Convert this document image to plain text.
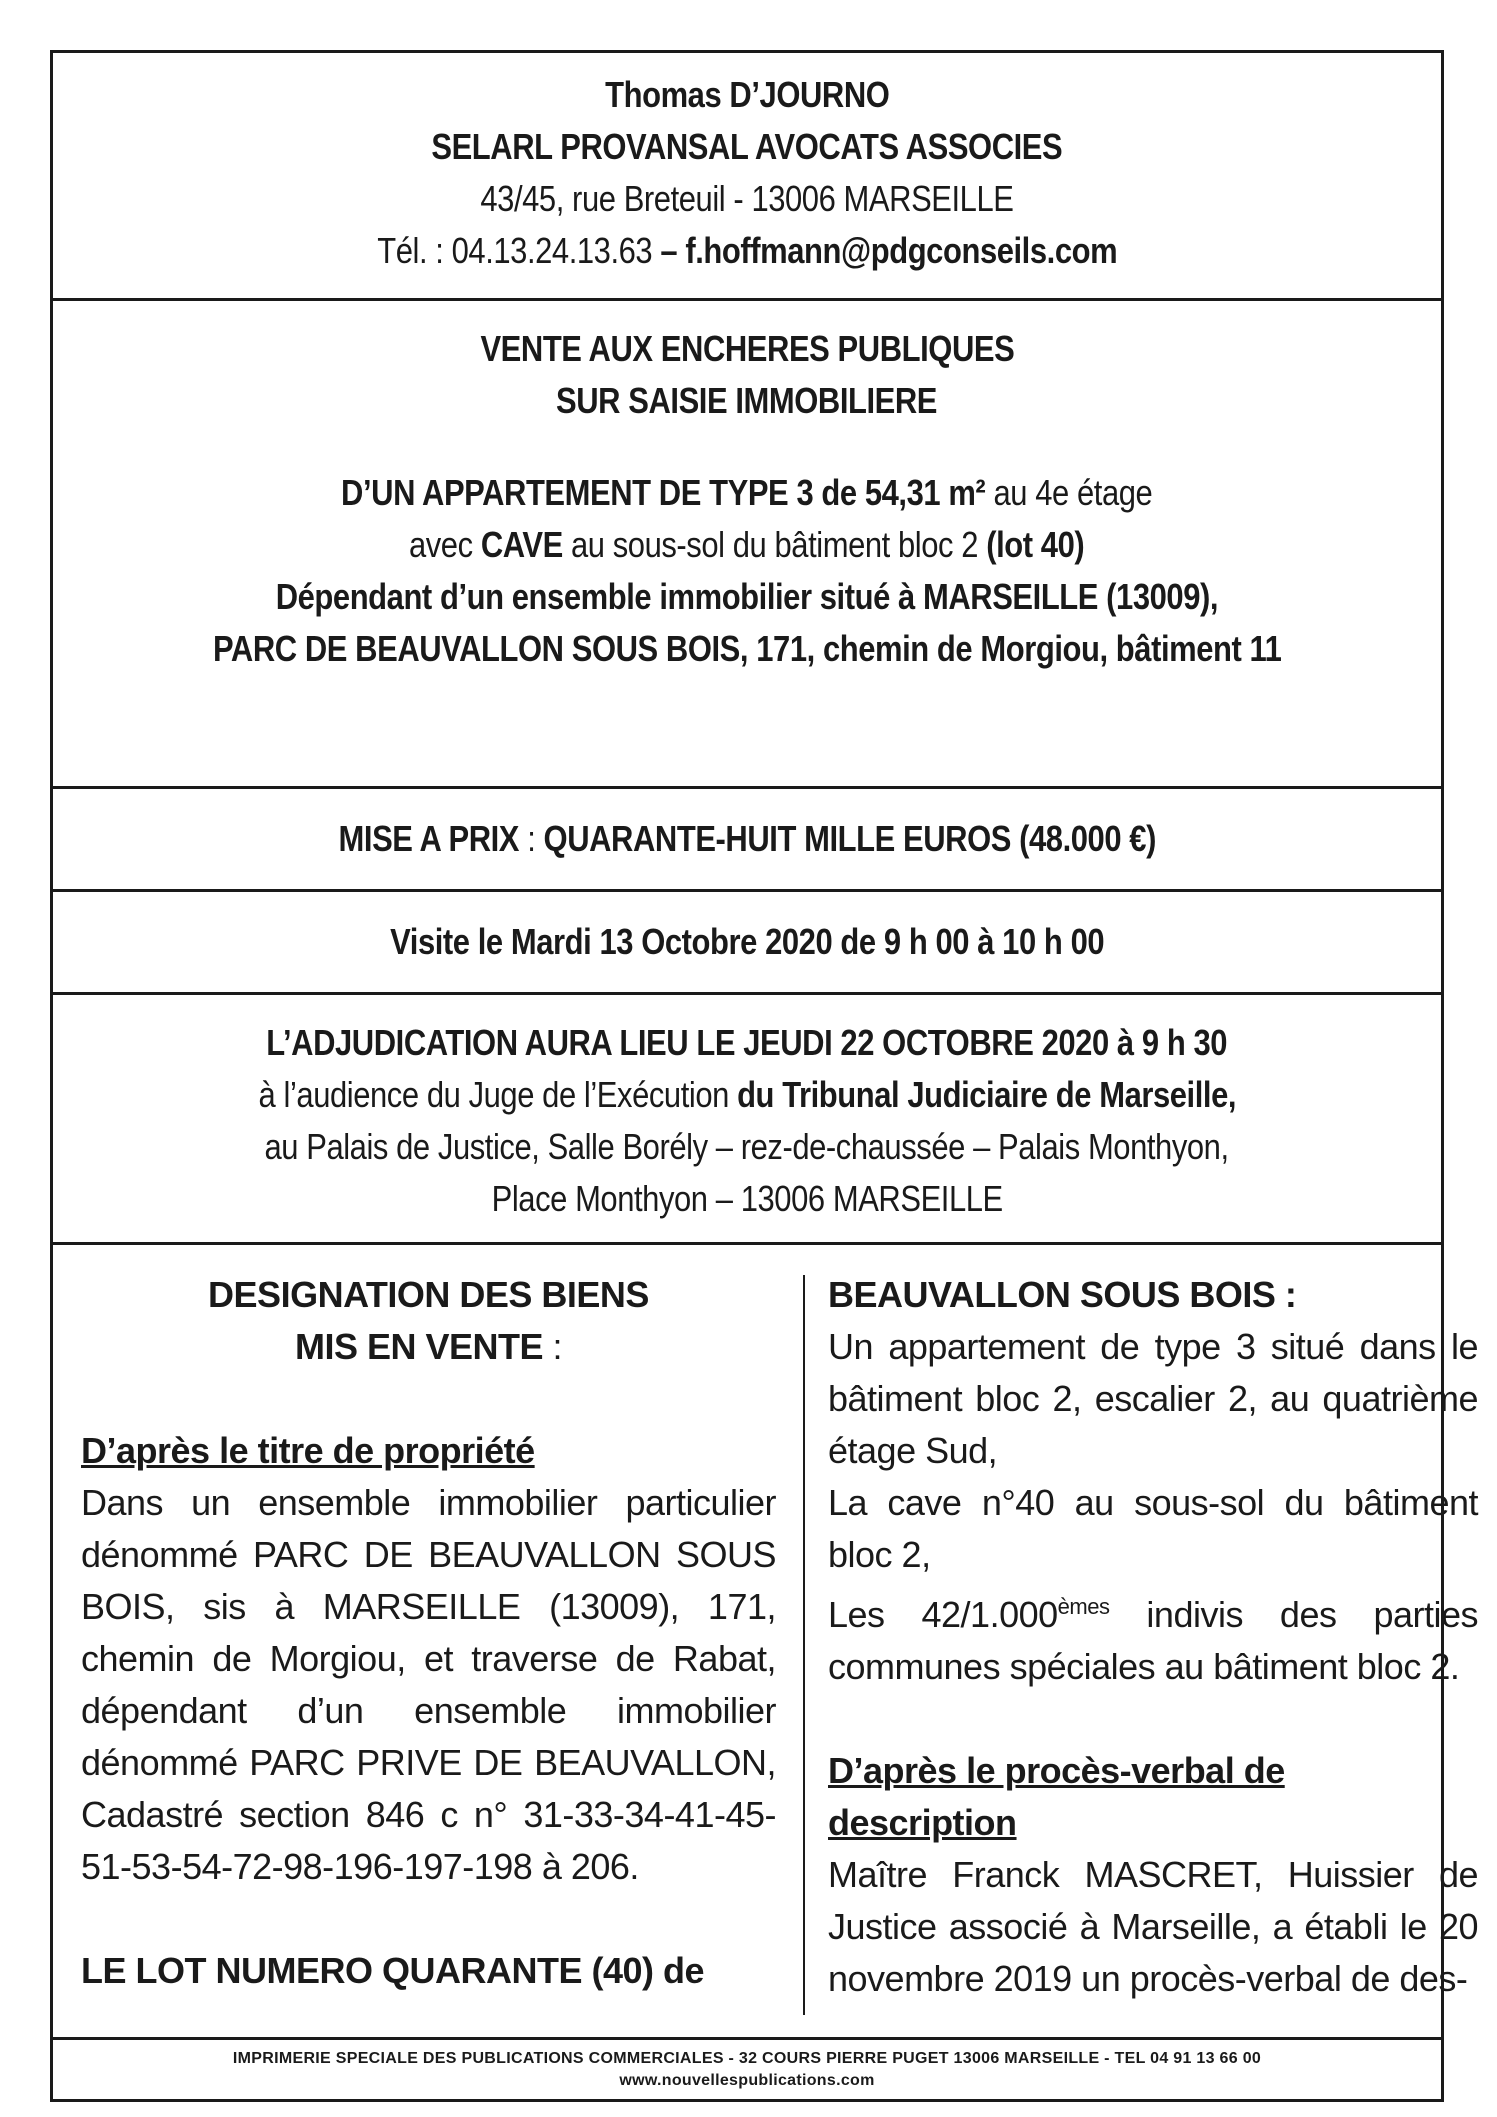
Thomas D’JOURNO
SELARL PROVANSAL AVOCATS ASSOCIES
43/45, rue Breteuil - 13006 MARSEILLE
Tél. : 04.13.24.13.63 – f.hoffmann@pdgconseils.com
VENTE AUX ENCHERES PUBLIQUES
SUR SAISIE IMMOBILIERE
D’UN APPARTEMENT DE TYPE 3 de 54,31 m² au 4e étage
avec CAVE au sous-sol du bâtiment bloc 2 (lot 40)
Dépendant d’un ensemble immobilier situé à MARSEILLE (13009),
PARC DE BEAUVALLON SOUS BOIS, 171, chemin de Morgiou, bâtiment 11
MISE A PRIX : QUARANTE-HUIT MILLE EUROS (48.000 €)
Visite le Mardi 13 Octobre 2020 de 9 h 00 à 10 h 00
L’ADJUDICATION AURA LIEU LE JEUDI 22 OCTOBRE 2020 à 9 h 30
à l’audience du Juge de l’Exécution du Tribunal Judiciaire de Marseille,
au Palais de Justice, Salle Borély – rez-de-chaussée – Palais Monthyon,
Place Monthyon – 13006 MARSEILLE

DESIGNATION DES BIENS

MIS EN VENTE :

D’après le titre de propriété

Dans un ensemble immobilier particulier dénommé PARC DE BEAUVALLON SOUS BOIS, sis à MARSEILLE (13009), 171, chemin de Morgiou, et traverse de Rabat, dépendant d’un ensemble immobilier dénommé PARC PRIVE DE BEAUVALLON, Cadastré section 846 c n° 31-33-34-41-45-51-53-54-72-98-196-197-198 à 206.

LE LOT NUMERO QUARANTE (40) de

BEAUVALLON SOUS BOIS :

Un appartement de type 3 situé dans le bâtiment bloc 2, escalier 2, au quatrième étage Sud,

La cave n°40 au sous-sol du bâtiment bloc 2,

Les 42/1.000èmes indivis des parties communes spéciales au bâtiment bloc 2.

D’après le procès-verbal de description

Maître Franck MASCRET, Huissier de Justice associé à Marseille, a établi le 20 novembre 2019 un procès-verbal de des-

IMPRIMERIE SPECIALE DES PUBLICATIONS COMMERCIALES - 32 COURS PIERRE PUGET 13006 MARSEILLE - TEL 04 91 13 66 00
www.nouvellespublications.com
